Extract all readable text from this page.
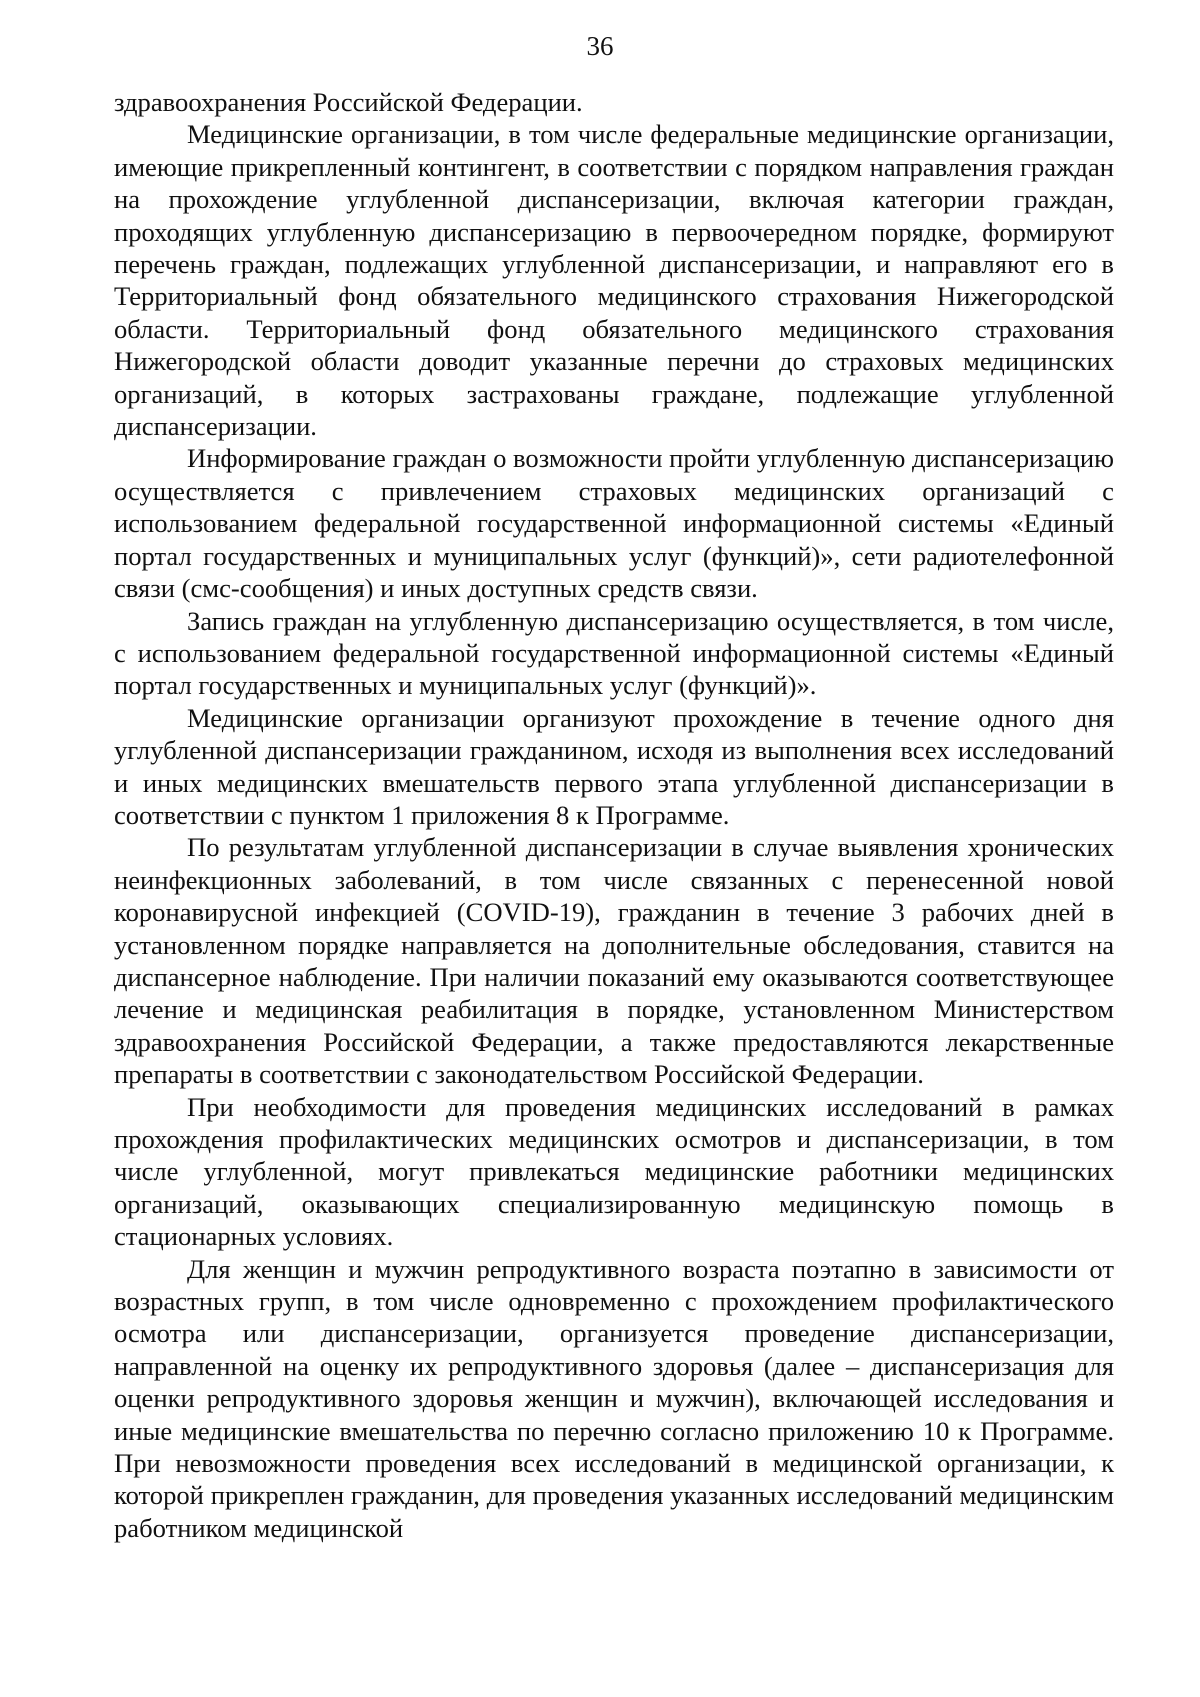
36

здравоохранения Российской Федерации.

Медицинские организации, в том числе федеральные медицинские организации, имеющие прикрепленный контингент, в соответствии с порядком направления граждан на прохождение углубленной диспансеризации, включая категории граждан, проходящих углубленную диспансеризацию в первоочередном порядке, формируют перечень граждан, подлежащих углубленной диспансеризации, и направляют его в Территориальный фонд обязательного медицинского страхования Нижегородской области. Территориальный фонд обязательного медицинского страхования Нижегородской области доводит указанные перечни до страховых медицинских организаций, в которых застрахованы граждане, подлежащие углубленной диспансеризации.

Информирование граждан о возможности пройти углубленную диспансеризацию осуществляется с привлечением страховых медицинских организаций с использованием федеральной государственной информационной системы «Единый портал государственных и муниципальных услуг (функций)», сети радиотелефонной связи (смс-сообщения) и иных доступных средств связи.

Запись граждан на углубленную диспансеризацию осуществляется, в том числе, с использованием федеральной государственной информационной системы «Единый портал государственных и муниципальных услуг (функций)».

Медицинские организации организуют прохождение в течение одного дня углубленной диспансеризации гражданином, исходя из выполнения всех исследований и иных медицинских вмешательств первого этапа углубленной диспансеризации в соответствии с пунктом 1 приложения 8 к Программе.

По результатам углубленной диспансеризации в случае выявления хронических неинфекционных заболеваний, в том числе связанных с перенесенной новой коронавирусной инфекцией (COVID-19), гражданин в течение 3 рабочих дней в установленном порядке направляется на дополнительные обследования, ставится на диспансерное наблюдение. При наличии показаний ему оказываются соответствующее лечение и медицинская реабилитация в порядке, установленном Министерством здравоохранения Российской Федерации, а также предоставляются лекарственные препараты в соответствии с законодательством Российской Федерации.

При необходимости для проведения медицинских исследований в рамках прохождения профилактических медицинских осмотров и диспансеризации, в том числе углубленной, могут привлекаться медицинские работники медицинских организаций, оказывающих специализированную медицинскую помощь в стационарных условиях.

Для женщин и мужчин репродуктивного возраста поэтапно в зависимости от возрастных групп, в том числе одновременно с прохождением профилактического осмотра или диспансеризации, организуется проведение диспансеризации, направленной на оценку их репродуктивного здоровья (далее – диспансеризация для оценки репродуктивного здоровья женщин и мужчин), включающей исследования и иные медицинские вмешательства по перечню согласно приложению 10 к Программе. При невозможности проведения всех исследований в медицинской организации, к которой прикреплен гражданин, для проведения указанных исследований медицинским работником медицинской
